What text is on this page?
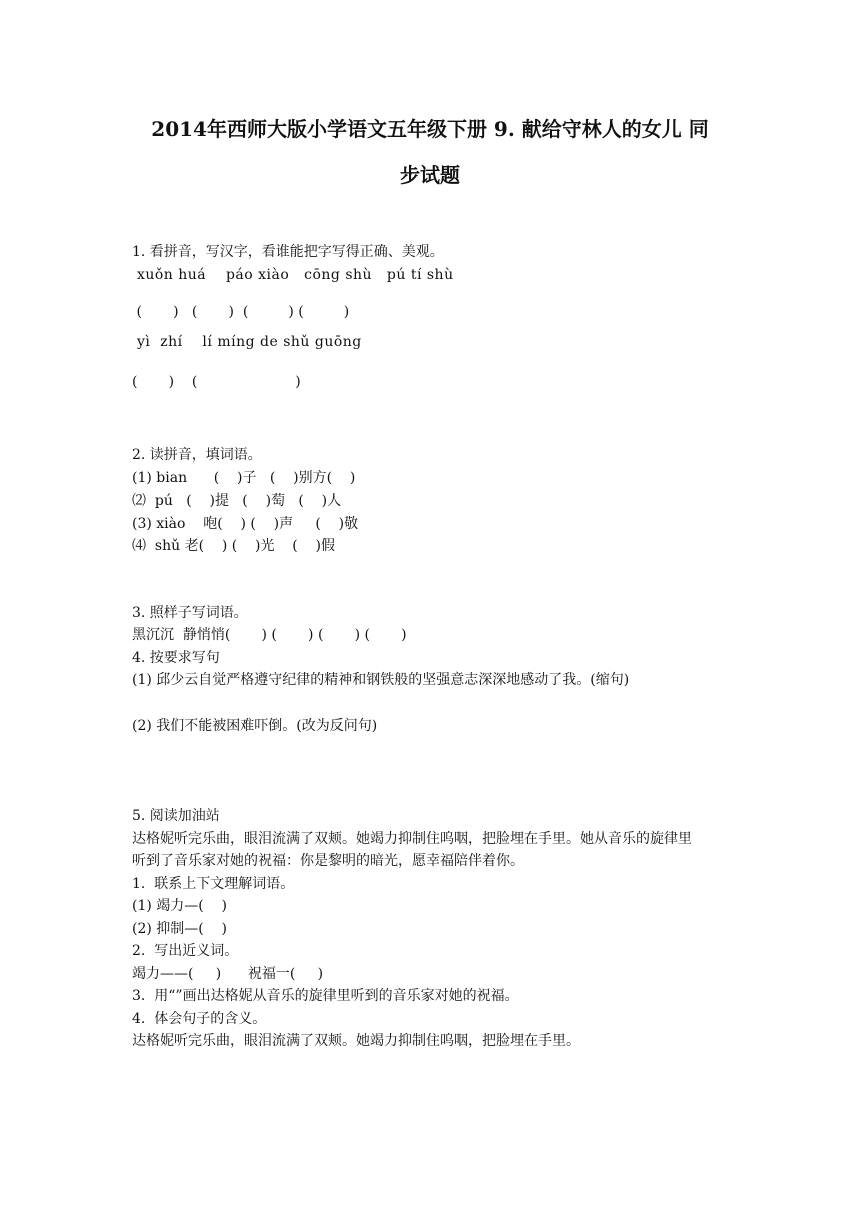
2014年西师大版小学语文五年级下册 9. 献给守林人的女儿 同
步试题
1. 看拼音，写汉字，看谁能把字写得正确、美观。
xuǒn huá    páo xiào   cōng shù   pú tí shù
(       )   (       )  (         ) (         )
yì  zhí    lí míng de shǔ guōng
(       )    (                      )
2. 读拼音，填词语。
(1) bian      (    )子   (    )别方(    )
⑵  pú   (    )提   (    )萄   (    )人
(3) xiào    咆(    ) (    )声     (    )敬
⑷  shǔ 老(    ) (    )光    (    )假
3. 照样子写词语。
黑沉沉  静悄悄(       ) (       ) (       ) (       )
4. 按要求写句
(1) 邱少云自觉严格遵守纪律的精神和钢铁般的坚强意志深深地感动了我。(缩句)
(2) 我们不能被困难吓倒。(改为反问句)
5. 阅读加油站
达格妮听完乐曲，眼泪流满了双颊。她竭力抑制住呜咽，把脸埋在手里。她从音乐的旋律里
听到了音乐家对她的祝福：你是黎明的暗光，愿幸福陪伴着你。
1.  联系上下文理解词语。
(1) 竭力—(    )
(2) 抑制—(    )
2.  写出近义词。
竭力——(     )      祝福一(     )
3.  用“”画出达格妮从音乐的旋律里听到的音乐家对她的祝福。
4.  体会句子的含义。
达格妮听完乐曲，眼泪流满了双颊。她竭力抑制住呜咽，把脸埋在手里。
